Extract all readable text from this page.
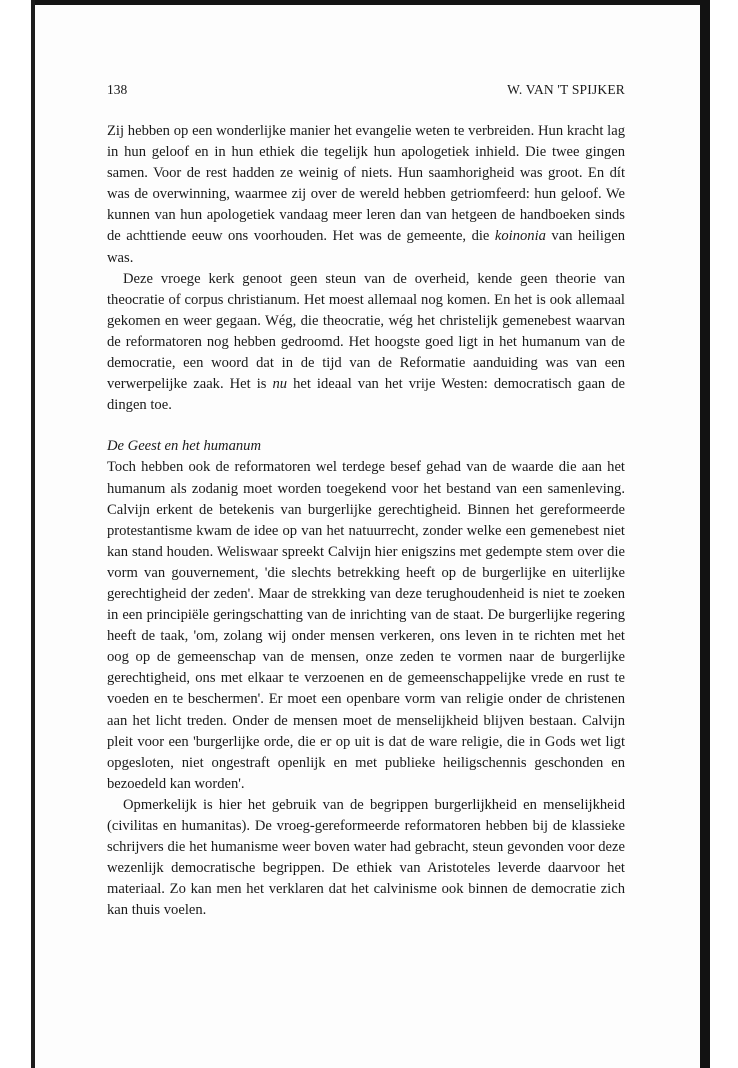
138	W. VAN 'T SPIJKER

Zij hebben op een wonderlijke manier het evangelie weten te verbreiden. Hun kracht lag in hun geloof en in hun ethiek die tegelijk hun apologetiek inhield. Die twee gingen samen. Voor de rest hadden ze weinig of niets. Hun saamhorigheid was groot. En dít was de overwinning, waarmee zij over de wereld hebben getriomfeerd: hun geloof. We kunnen van hun apologetiek vandaag meer leren dan van hetgeen de handboeken sinds de achttiende eeuw ons voorhouden. Het was de gemeente, die koinonia van heiligen was.

Deze vroege kerk genoot geen steun van de overheid, kende geen theorie van theocratie of corpus christianum. Het moest allemaal nog komen. En het is ook allemaal gekomen en weer gegaan. Wég, die theocratie, wég het christelijk gemenebest waarvan de reformatoren nog hebben gedroomd. Het hoogste goed ligt in het humanum van de democratie, een woord dat in de tijd van de Reformatie aanduiding was van een verwerpelijke zaak. Het is nu het ideaal van het vrije Westen: democratisch gaan de dingen toe.

De Geest en het humanum

Toch hebben ook de reformatoren wel terdege besef gehad van de waarde die aan het humanum als zodanig moet worden toegekend voor het bestand van een samenleving. Calvijn erkent de betekenis van burgerlijke gerechtigheid. Binnen het gereformeerde protestantisme kwam de idee op van het natuurrecht, zonder welke een gemenebest niet kan stand houden. Weliswaar spreekt Calvijn hier enigszins met gedempte stem over die vorm van gouvernement, 'die slechts betrekking heeft op de burgerlijke en uiterlijke gerechtigheid der zeden'. Maar de strekking van deze terughoudenheid is niet te zoeken in een principiële geringschatting van de inrichting van de staat. De burgerlijke regering heeft de taak, 'om, zolang wij onder mensen verkeren, ons leven in te richten met het oog op de gemeenschap van de mensen, onze zeden te vormen naar de burgerlijke gerechtigheid, ons met elkaar te verzoenen en de gemeenschappelijke vrede en rust te voeden en te beschermen'. Er moet een openbare vorm van religie onder de christenen aan het licht treden. Onder de mensen moet de menselijkheid blijven bestaan. Calvijn pleit voor een 'burgerlijke orde, die er op uit is dat de ware religie, die in Gods wet ligt opgesloten, niet ongestraft openlijk en met publieke heiligschennis geschonden en bezoedeld kan worden'.

Opmerkelijk is hier het gebruik van de begrippen burgerlijkheid en menselijkheid (civilitas en humanitas). De vroeg-gereformeerde reformatoren hebben bij de klassieke schrijvers die het humanisme weer boven water had gebracht, steun gevonden voor deze wezenlijk democratische begrippen. De ethiek van Aristoteles leverde daarvoor het materiaal. Zo kan men het verklaren dat het calvinisme ook binnen de democratie zich kan thuis voelen.
